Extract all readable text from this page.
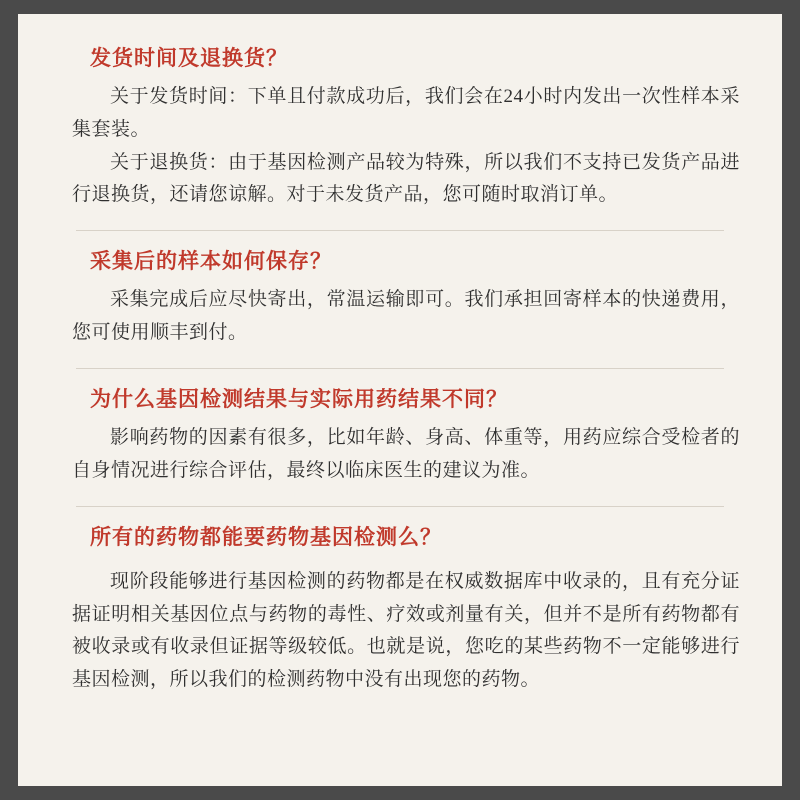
发货时间及退换货？

关于发货时间：下单且付款成功后，我们会在24小时内发出一次性样本采集套装。

关于退换货：由于基因检测产品较为特殊，所以我们不支持已发货产品进行退换货，还请您谅解。对于未发货产品，您可随时取消订单。

采集后的样本如何保存？

采集完成后应尽快寄出，常温运输即可。我们承担回寄样本的快递费用，您可使用顺丰到付。

为什么基因检测结果与实际用药结果不同？

影响药物的因素有很多，比如年龄、身高、体重等，用药应综合受检者的自身情况进行综合评估，最终以临床医生的建议为准。

所有的药物都能要药物基因检测么？

现阶段能够进行基因检测的药物都是在权威数据库中收录的，且有充分证据证明相关基因位点与药物的毒性、疗效或剂量有关，但并不是所有药物都有被收录或有收录但证据等级较低。也就是说，您吃的某些药物不一定能够进行基因检测，所以我们的检测药物中没有出现您的药物。
